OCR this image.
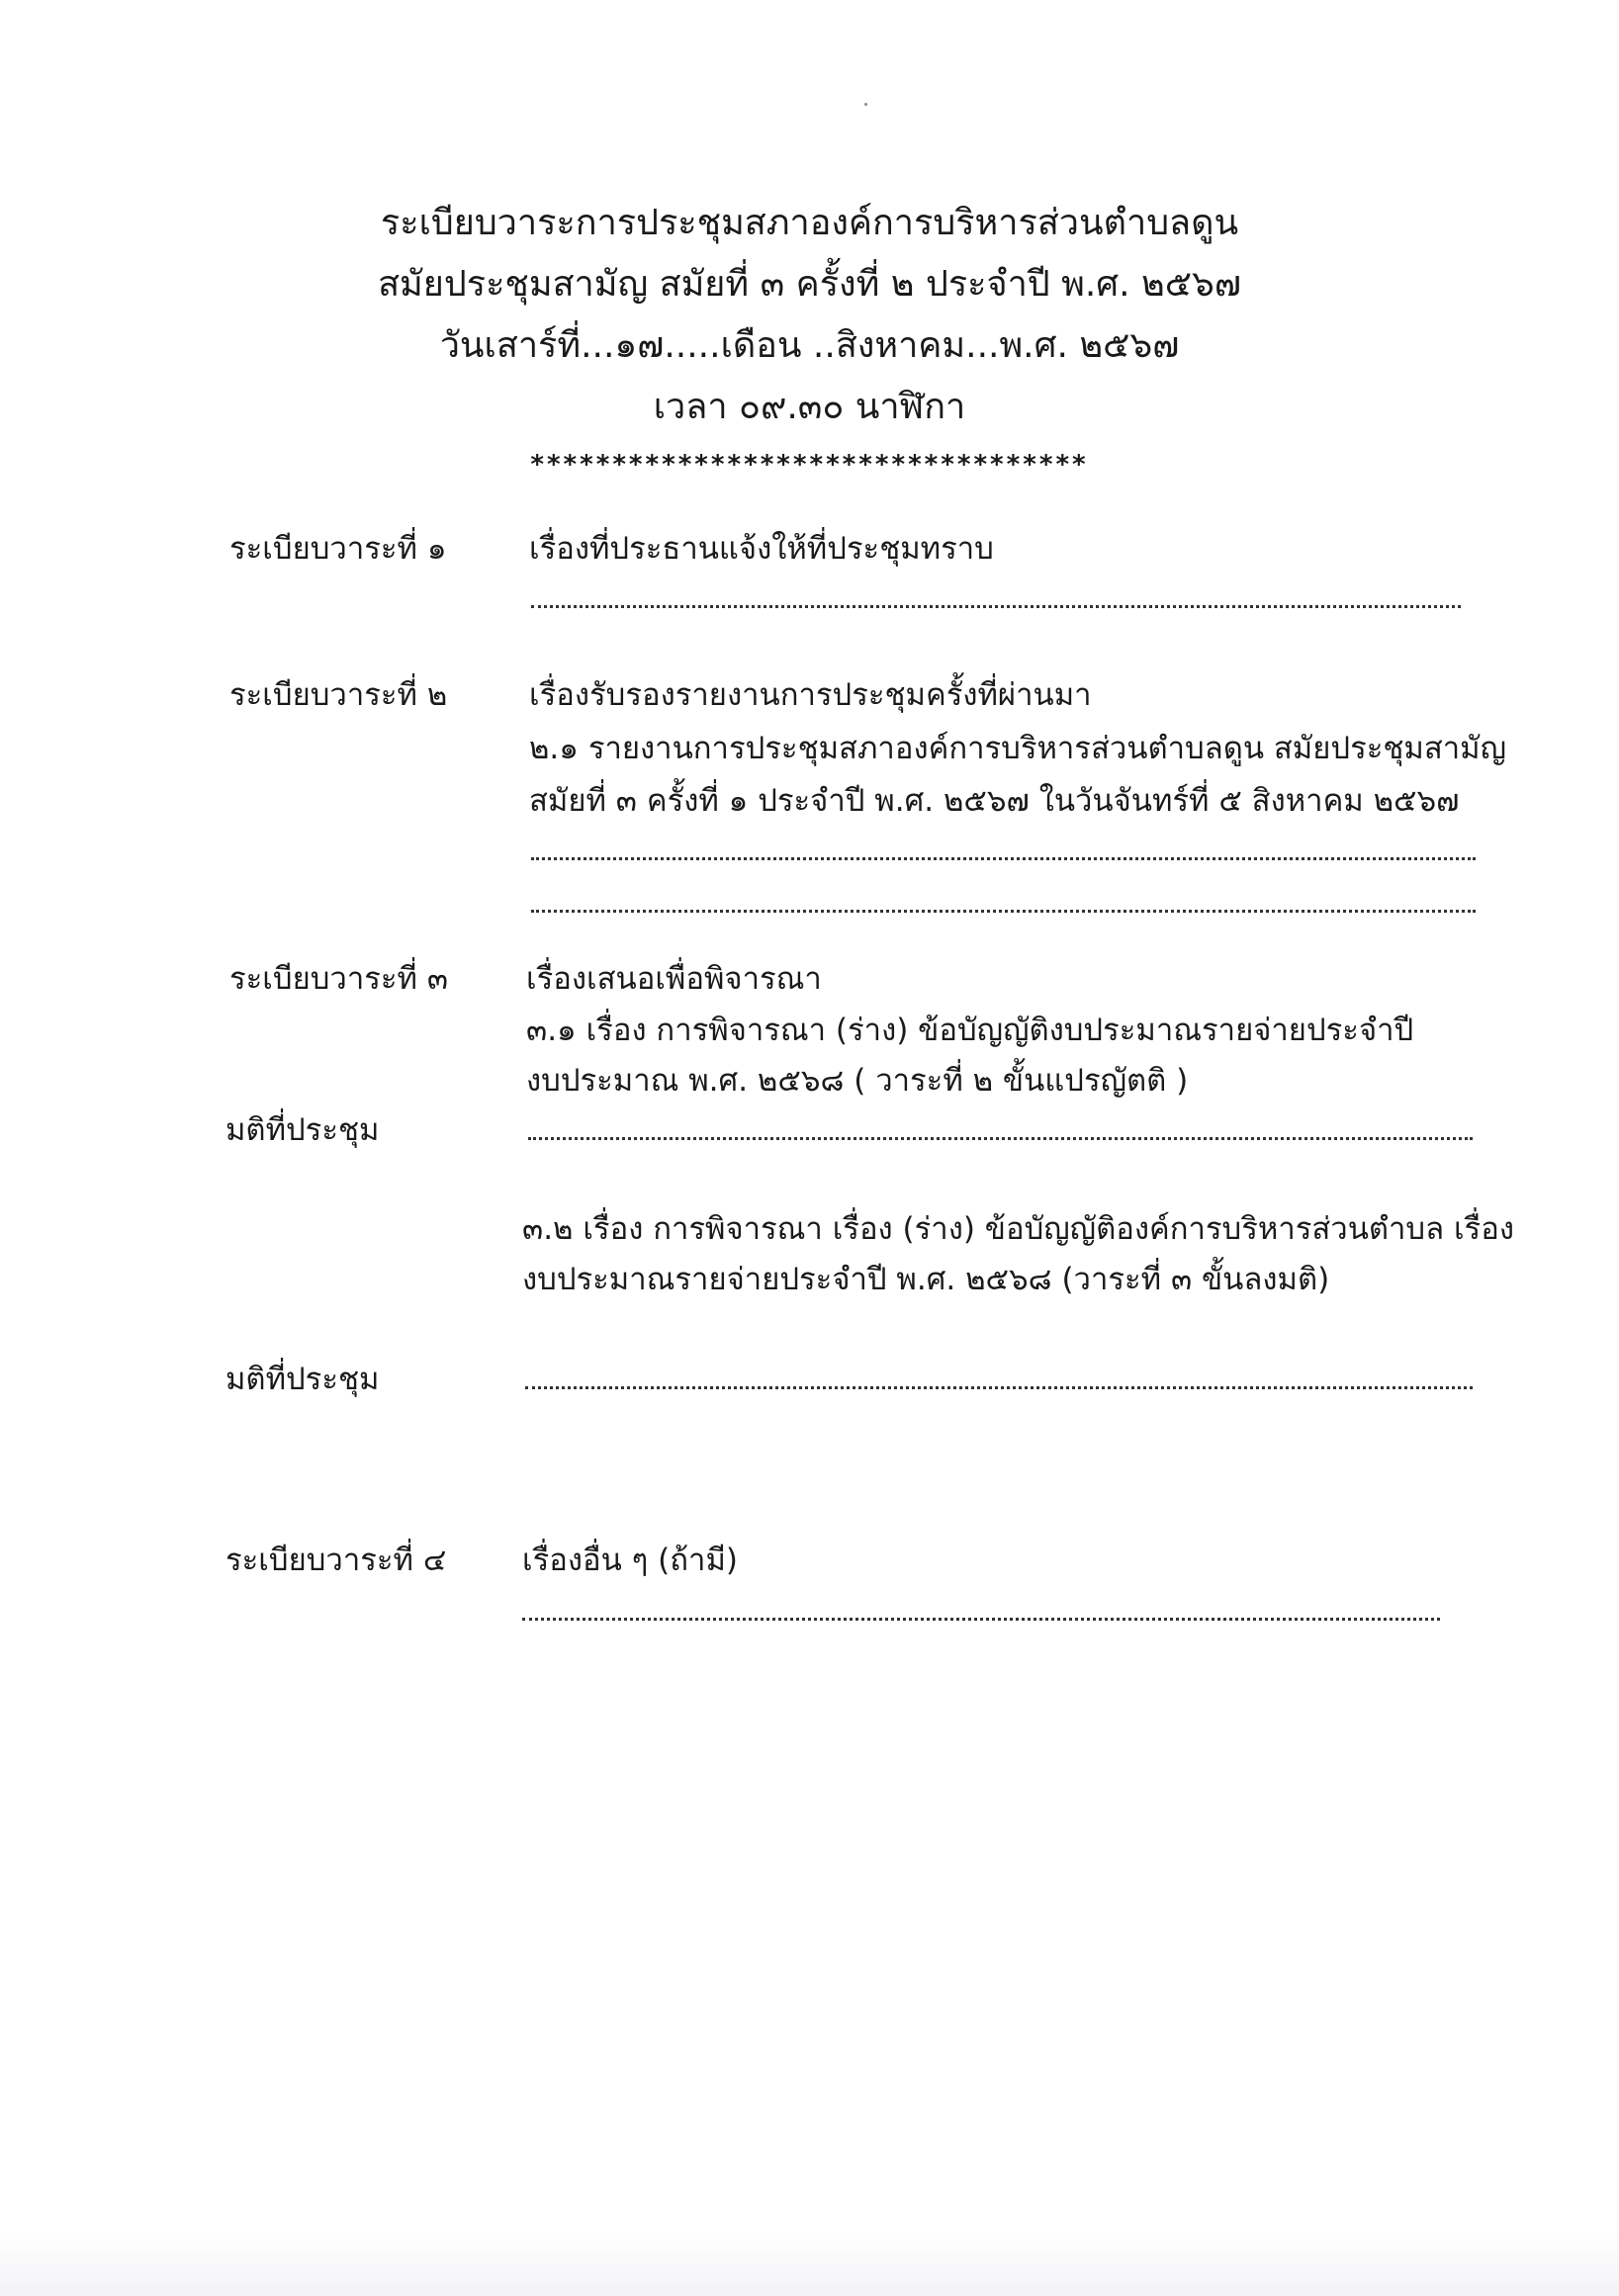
ระเบียบวาระการประชุมสภาองค์การบริหารส่วนตำบลดูน
สมัยประชุมสามัญ สมัยที่ ๓ ครั้งที่ ๒ ประจำปี พ.ศ. ๒๕๖๗
วันเสาร์ที่...๑๗.....เดือน ..สิงหาคม...พ.ศ. ๒๕๖๗
เวลา ๐๙.๓๐ นาฬิกา
**********************************
ระเบียบวาระที่ ๑	เรื่องที่ประธานแจ้งให้ที่ประชุมทราบ
ระเบียบวาระที่ ๒	เรื่องรับรองรายงานการประชุมครั้งที่ผ่านมา
๒.๑ รายงานการประชุมสภาองค์การบริหารส่วนตำบลดูน สมัยประชุมสามัญ
สมัยที่ ๓ ครั้งที่ ๑ ประจำปี พ.ศ. ๒๕๖๗ ในวันจันทร์ที่ ๕ สิงหาคม ๒๕๖๗
ระเบียบวาระที่ ๓	เรื่องเสนอเพื่อพิจารณา
๓.๑ เรื่อง การพิจารณา (ร่าง) ข้อบัญญัติงบประมาณรายจ่ายประจำปี
งบประมาณ พ.ศ. ๒๕๖๘ ( วาระที่ ๒ ขั้นแปรญัตติ )
มติที่ประชุม
๓.๒ เรื่อง การพิจารณา เรื่อง (ร่าง) ข้อบัญญัติองค์การบริหารส่วนตำบล เรื่อง
งบประมาณรายจ่ายประจำปี พ.ศ. ๒๕๖๘ (วาระที่ ๓ ขั้นลงมติ)
มติที่ประชุม
ระเบียบวาระที่ ๔ เรื่องอื่น ๆ (ถ้ามี)
